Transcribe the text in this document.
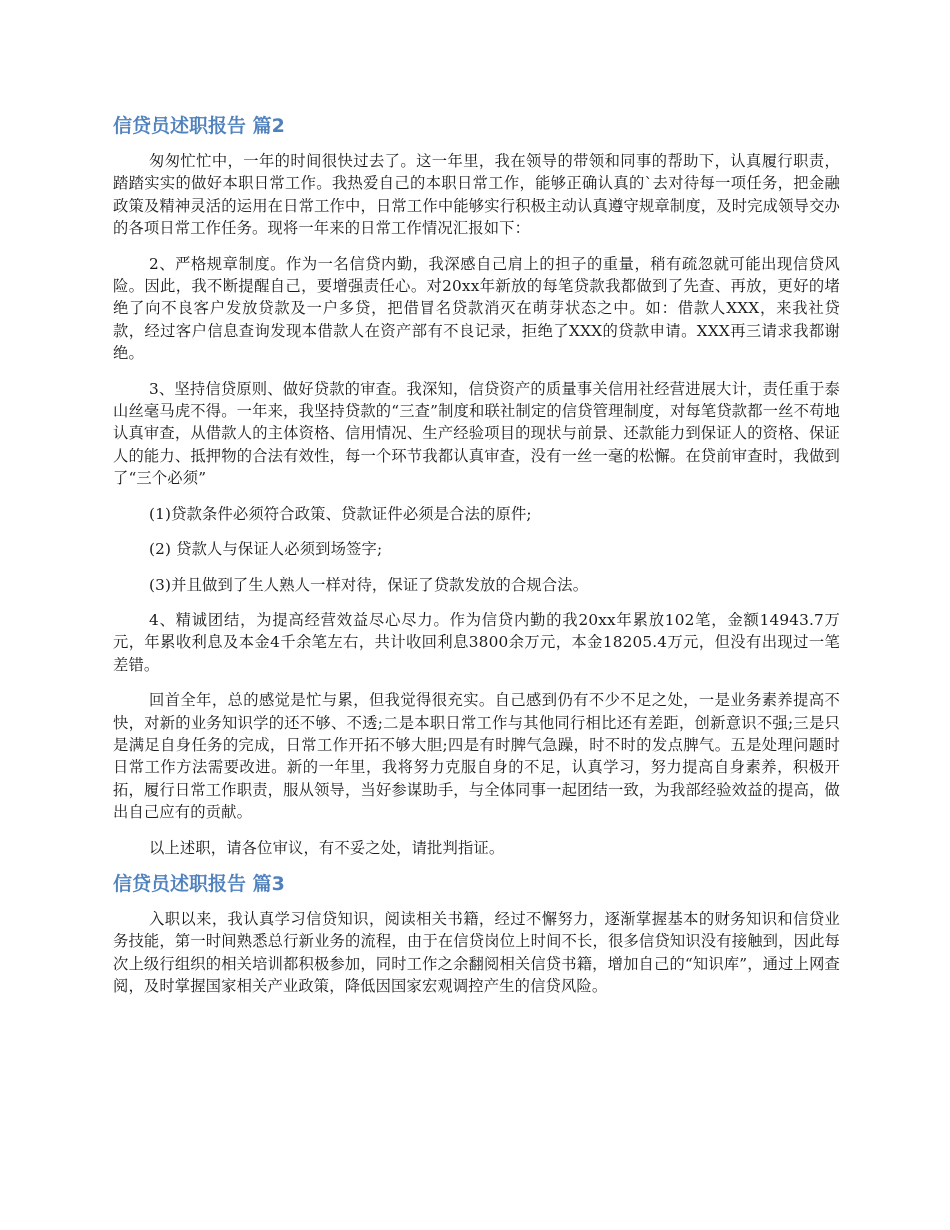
信贷员述职报告 篇2

匆匆忙忙中，一年的时间很快过去了。这一年里，我在领导的带领和同事的帮助下，认真履行职责，踏踏实实的做好本职日常工作。我热爱自己的本职日常工作，能够正确认真的`去对待每一项任务，把金融政策及精神灵活的运用在日常工作中，日常工作中能够实行积极主动认真遵守规章制度，及时完成领导交办的各项日常工作任务。现将一年来的日常工作情况汇报如下：

2、严格规章制度。作为一名信贷内勤，我深感自己肩上的担子的重量，稍有疏忽就可能出现信贷风险。因此，我不断提醒自己，要增强责任心。对20xx年新放的每笔贷款我都做到了先查、再放，更好的堵绝了向不良客户发放贷款及一户多贷，把借冒名贷款消灭在萌芽状态之中。如：借款人XXX，来我社贷款，经过客户信息查询发现本借款人在资产部有不良记录，拒绝了XXX的贷款申请。XXX再三请求我都谢绝。

3、坚持信贷原则、做好贷款的审查。我深知，信贷资产的质量事关信用社经营进展大计，责任重于泰山丝毫马虎不得。一年来，我坚持贷款的“三查”制度和联社制定的信贷管理制度，对每笔贷款都一丝不苟地认真审查，从借款人的主体资格、信用情况、生产经验项目的现状与前景、还款能力到保证人的资格、保证人的能力、抵押物的合法有效性，每一个环节我都认真审查，没有一丝一毫的松懈。在贷前审查时，我做到了“三个必须”

(1)贷款条件必须符合政策、贷款证件必须是合法的原件;

(2) 贷款人与保证人必须到场签字;

(3)并且做到了生人熟人一样对待，保证了贷款发放的合规合法。

4、精诚团结，为提高经营效益尽心尽力。作为信贷内勤的我20xx年累放102笔，金额14943.7万元，年累收利息及本金4千余笔左右，共计收回利息3800余万元，本金18205.4万元，但没有出现过一笔差错。

回首全年，总的感觉是忙与累，但我觉得很充实。自己感到仍有不少不足之处，一是业务素养提高不快，对新的业务知识学的还不够、不透;二是本职日常工作与其他同行相比还有差距，创新意识不强;三是只是满足自身任务的完成，日常工作开拓不够大胆;四是有时脾气急躁，时不时的发点脾气。五是处理问题时日常工作方法需要改进。新的一年里，我将努力克服自身的不足，认真学习，努力提高自身素养，积极开拓，履行日常工作职责，服从领导，当好参谋助手，与全体同事一起团结一致，为我部经验效益的提高，做出自己应有的贡献。

以上述职，请各位审议，有不妥之处，请批判指证。

信贷员述职报告 篇3

入职以来，我认真学习信贷知识，阅读相关书籍，经过不懈努力，逐渐掌握基本的财务知识和信贷业务技能，第一时间熟悉总行新业务的流程，由于在信贷岗位上时间不长，很多信贷知识没有接触到，因此每次上级行组织的相关培训都积极参加，同时工作之余翻阅相关信贷书籍，增加自己的“知识库”，通过上网查阅，及时掌握国家相关产业政策，降低因国家宏观调控产生的信贷风险。
